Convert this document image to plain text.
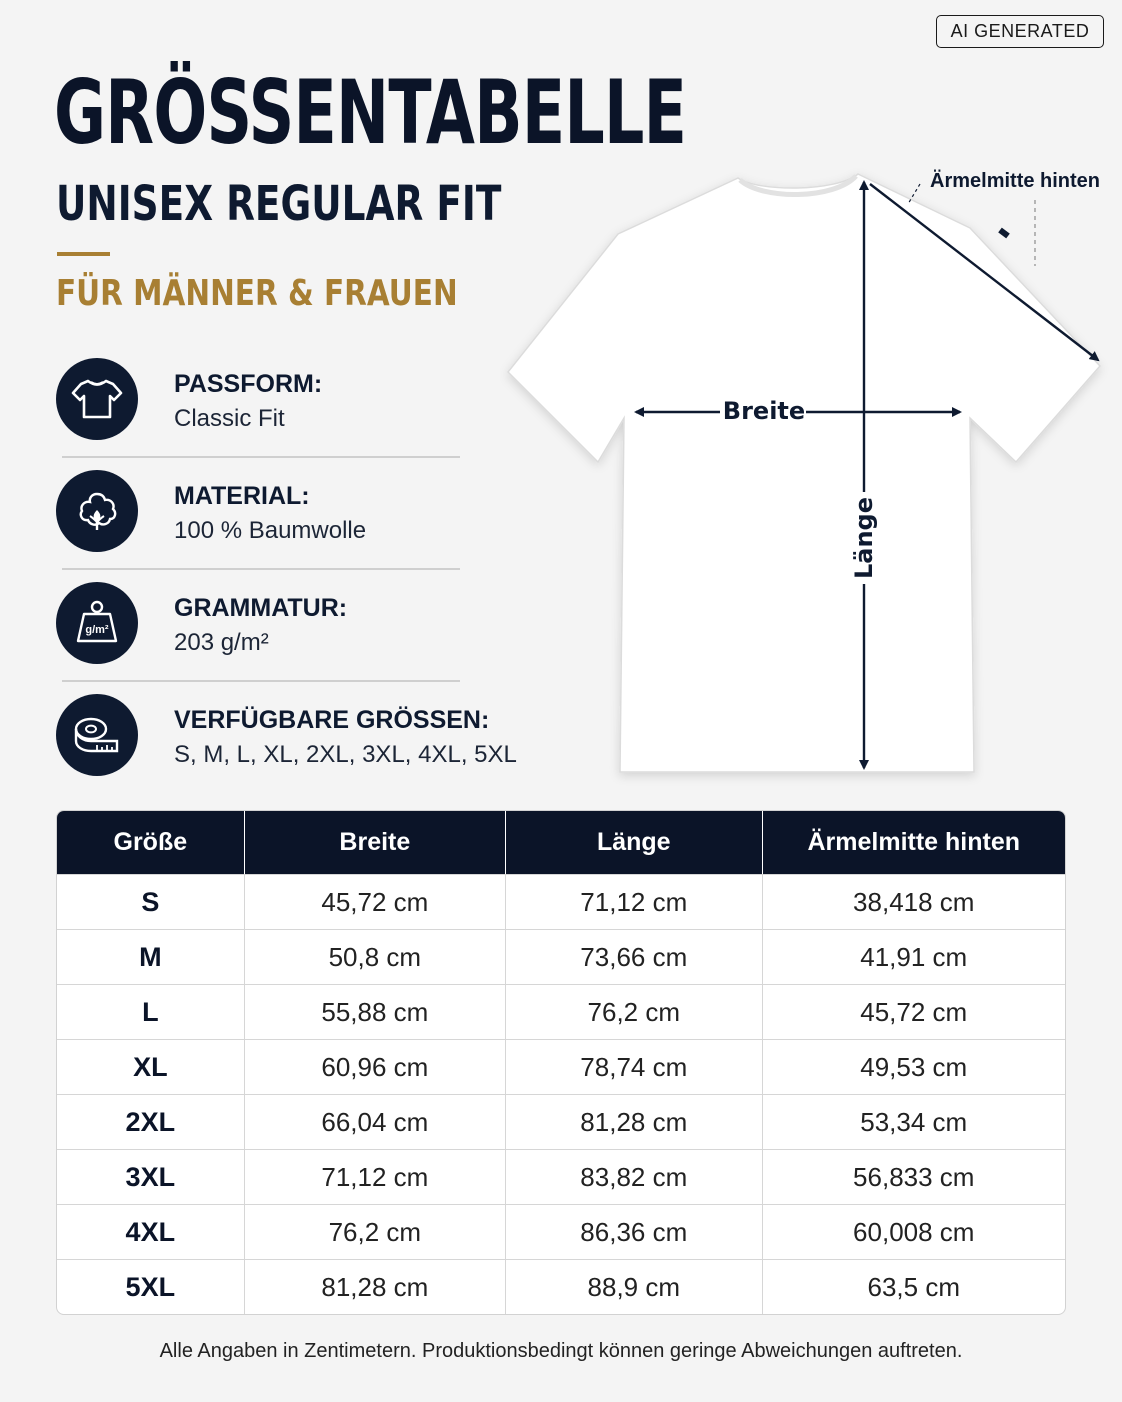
AI GENERATED
GRÖSSENTABELLE
UNISEX REGULAR FIT
FÜR MÄNNER & FRAUEN
PASSFORM:
Classic Fit
MATERIAL:
100 % Baumwolle
g/m²
GRAMMATUR:
203 g/m²
VERFÜGBARE GRÖSSEN:
S, M, L, XL, 2XL, 3XL, 4XL, 5XL
Breite
Länge
Ärmelmitte hinten
Größe	Breite	Länge	Ärmelmitte hinten
S	45,72 cm	71,12 cm	38,418 cm
M	50,8 cm	73,66 cm	41,91 cm
L	55,88 cm	76,2 cm	45,72 cm
XL	60,96 cm	78,74 cm	49,53 cm
2XL	66,04 cm	81,28 cm	53,34 cm
3XL	71,12 cm	83,82 cm	56,833 cm
4XL	76,2 cm	86,36 cm	60,008 cm
5XL	81,28 cm	88,9 cm	63,5 cm
Alle Angaben in Zentimetern. Produktionsbedingt können geringe Abweichungen auftreten.
